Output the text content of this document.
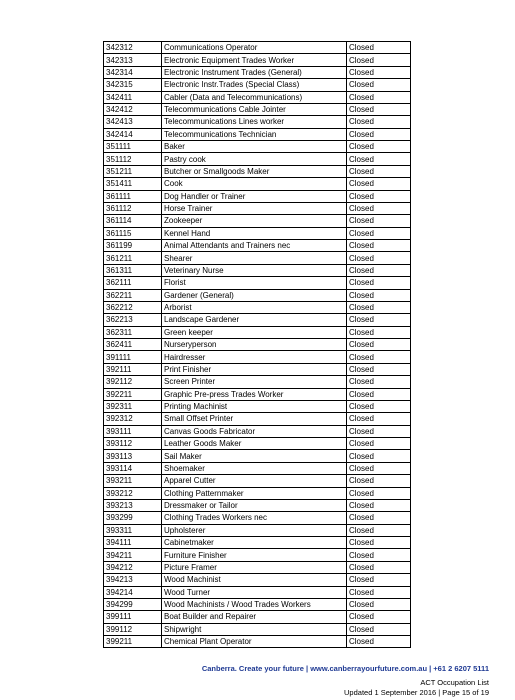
342312	Communications Operator	Closed
342313	Electronic Equipment Trades Worker	Closed
342314	Electronic Instrument Trades (General)	Closed
342315	Electronic Instr.Trades (Special Class)	Closed
342411	Cabler (Data and Telecommunications)	Closed
342412	Telecommunications Cable Jointer	Closed
342413	Telecommunications Lines worker	Closed
342414	Telecommunications Technician	Closed
351111	Baker	Closed
351112	Pastry cook	Closed
351211	Butcher or Smallgoods Maker	Closed
351411	Cook	Closed
361111	Dog Handler or Trainer	Closed
361112	Horse Trainer	Closed
361114	Zookeeper	Closed
361115	Kennel Hand	Closed
361199	Animal Attendants and Trainers nec	Closed
361211	Shearer	Closed
361311	Veterinary Nurse	Closed
362111	Florist	Closed
362211	Gardener (General)	Closed
362212	Arborist	Closed
362213	Landscape Gardener	Closed
362311	Green keeper	Closed
362411	Nurseryperson	Closed
391111	Hairdresser	Closed
392111	Print Finisher	Closed
392112	Screen Printer	Closed
392211	Graphic Pre-press Trades Worker	Closed
392311	Printing Machinist	Closed
392312	Small Offset Printer	Closed
393111	Canvas Goods Fabricator	Closed
393112	Leather Goods Maker	Closed
393113	Sail Maker	Closed
393114	Shoemaker	Closed
393211	Apparel Cutter	Closed
393212	Clothing Patternmaker	Closed
393213	Dressmaker or Tailor	Closed
393299	Clothing Trades Workers nec	Closed
393311	Upholsterer	Closed
394111	Cabinetmaker	Closed
394211	Furniture Finisher	Closed
394212	Picture Framer	Closed
394213	Wood Machinist	Closed
394214	Wood Turner	Closed
394299	Wood Machinists / Wood Trades Workers	Closed
399111	Boat Builder and Repairer	Closed
399112	Shipwright	Closed
399211	Chemical Plant Operator	Closed
Canberra. Create your future | www.canberrayourfuture.com.au | +61 2 6207 5111
ACT Occupation List
Updated 1 September 2016 | Page 15 of 19
